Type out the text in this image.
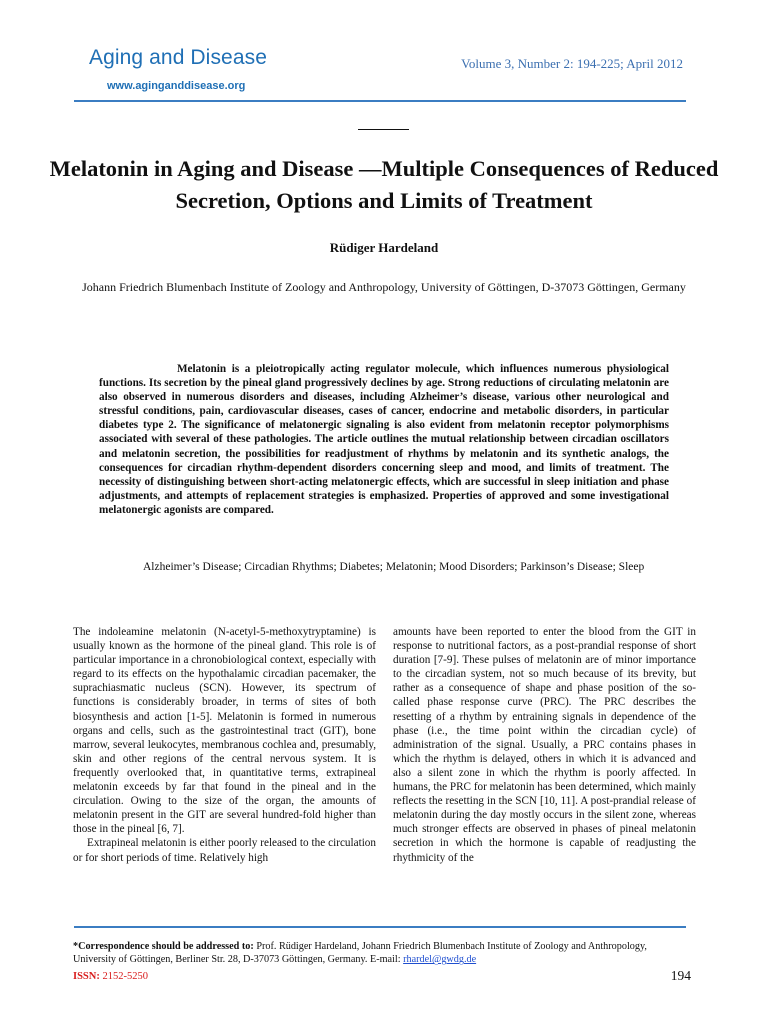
Aging and Disease
www.aginganddisease.org
Volume 3, Number 2: 194-225; April 2012
Melatonin in Aging and Disease —Multiple Consequences of Reduced Secretion, Options and Limits of Treatment
Rüdiger Hardeland
Johann Friedrich Blumenbach Institute of Zoology and Anthropology, University of Göttingen, D-37073 Göttingen, Germany
Melatonin is a pleiotropically acting regulator molecule, which influences numerous physiological functions. Its secretion by the pineal gland progressively declines by age. Strong reductions of circulating melatonin are also observed in numerous disorders and diseases, including Alzheimer’s disease, various other neurological and stressful conditions, pain, cardiovascular diseases, cases of cancer, endocrine and metabolic disorders, in particular diabetes type 2. The significance of melatonergic signaling is also evident from melatonin receptor polymorphisms associated with several of these pathologies. The article outlines the mutual relationship between circadian oscillators and melatonin secretion, the possibilities for readjustment of rhythms by melatonin and its synthetic analogs, the consequences for circadian rhythm-dependent disorders concerning sleep and mood, and limits of treatment. The necessity of distinguishing between short-acting melatonergic effects, which are successful in sleep initiation and phase adjustments, and attempts of replacement strategies is emphasized. Properties of approved and some investigational melatonergic agonists are compared.
Alzheimer’s Disease; Circadian Rhythms; Diabetes; Melatonin; Mood Disorders; Parkinson’s Disease; Sleep

The indoleamine melatonin (N-acetyl-5-methoxytryptamine) is usually known as the hormone of the pineal gland. This role is of particular importance in a chronobiological context, especially with regard to its effects on the hypothalamic circadian pacemaker, the suprachiasmatic nucleus (SCN). However, its spectrum of functions is considerably broader, in terms of sites of both biosynthesis and action [1-5]. Melatonin is formed in numerous organs and cells, such as the gastrointestinal tract (GIT), bone marrow, several leukocytes, membranous cochlea and, presumably, skin and other regions of the central nervous system. It is frequently overlooked that, in quantitative terms, extrapineal melatonin exceeds by far that found in the pineal and in the circulation. Owing to the size of the organ, the amounts of melatonin present in the GIT are several hundred-fold higher than those in the pineal [6, 7].

Extrapineal melatonin is either poorly released to the circulation or for short periods of time. Relatively high

amounts have been reported to enter the blood from the GIT in response to nutritional factors, as a post-prandial response of short duration [7-9]. These pulses of melatonin are of minor importance to the circadian system, not so much because of its brevity, but rather as a consequence of shape and phase position of the so-called phase response curve (PRC). The PRC describes the resetting of a rhythm by entraining signals in dependence of the phase (i.e., the time point within the circadian cycle) of administration of the signal. Usually, a PRC contains phases in which the rhythm is delayed, others in which it is advanced and also a silent zone in which the rhythm is poorly affected. In humans, the PRC for melatonin has been determined, which mainly reflects the resetting in the SCN [10, 11]. A post-prandial release of melatonin during the day mostly occurs in the silent zone, whereas much stronger effects are observed in phases of pineal melatonin secretion in which the hormone is capable of readjusting the rhythmicity of the

*Correspondence should be addressed to: Prof. Rüdiger Hardeland, Johann Friedrich Blumenbach Institute of Zoology and Anthropology, University of Göttingen, Berliner Str. 28, D-37073 Göttingen, Germany. E-mail: rhardel@gwdg.de
ISSN: 2152-5250	194
